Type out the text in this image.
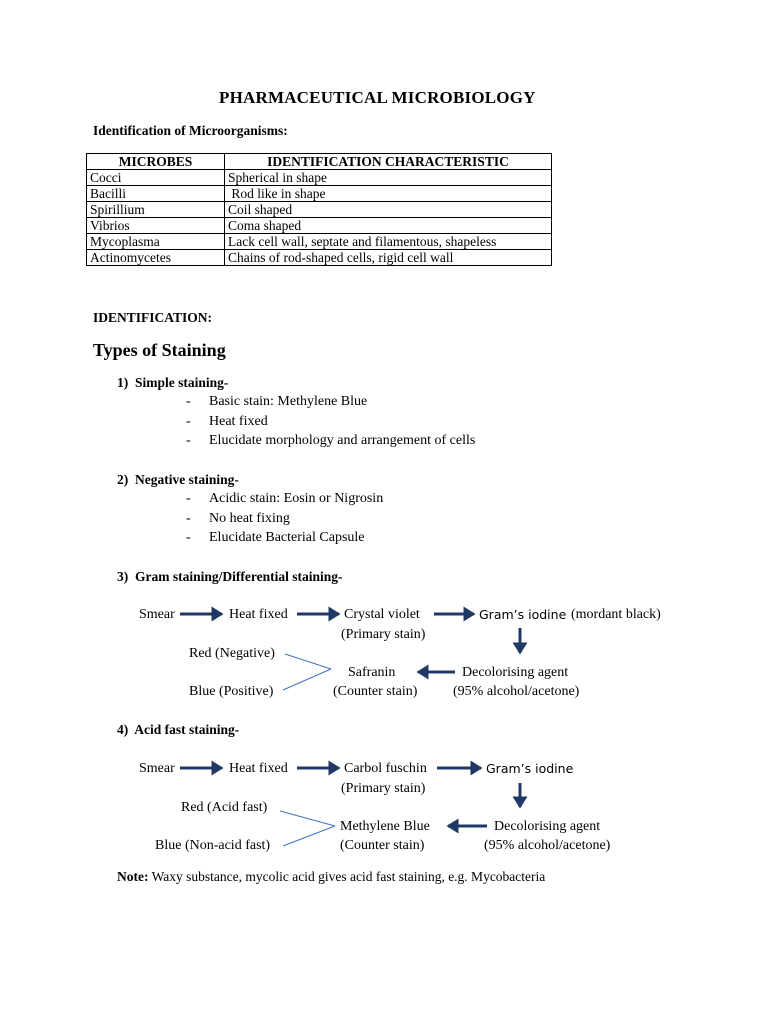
PHARMACEUTICAL MICROBIOLOGY
Identification of Microorganisms:
MICROBES	IDENTIFICATION CHARACTERISTIC
Cocci	Spherical in shape
Bacilli	Rod like in shape
Spirillium	Coil shaped
Vibrios	Coma shaped
Mycoplasma	Lack cell wall, septate and filamentous, shapeless
Actinomycetes	Chains of rod-shaped cells, rigid cell wall
IDENTIFICATION:
Types of Staining
1)  Simple staining-
- Basic stain: Methylene Blue
- Heat fixed
- Elucidate morphology and arrangement of cells
2)  Negative staining-
- Acidic stain: Eosin or Nigrosin
- No heat fixing
- Elucidate Bacterial Capsule
3)  Gram staining/Differential staining-
Smear	Heat fixed	Crystal violet	Gram’s iodine (mordant black)
(Primary stain)
Red (Negative)
Safranin	Decolorising agent
Blue (Positive)	(Counter stain)	(95% alcohol/acetone)
4)  Acid fast staining-
Smear	Heat fixed	Carbol fuschin	Gram’s iodine
(Primary stain)
Red (Acid fast)
Methylene Blue	Decolorising agent
Blue (Non-acid fast)	(Counter stain)	(95% alcohol/acetone)
Note: Waxy substance, mycolic acid gives acid fast staining, e.g. Mycobacteria
